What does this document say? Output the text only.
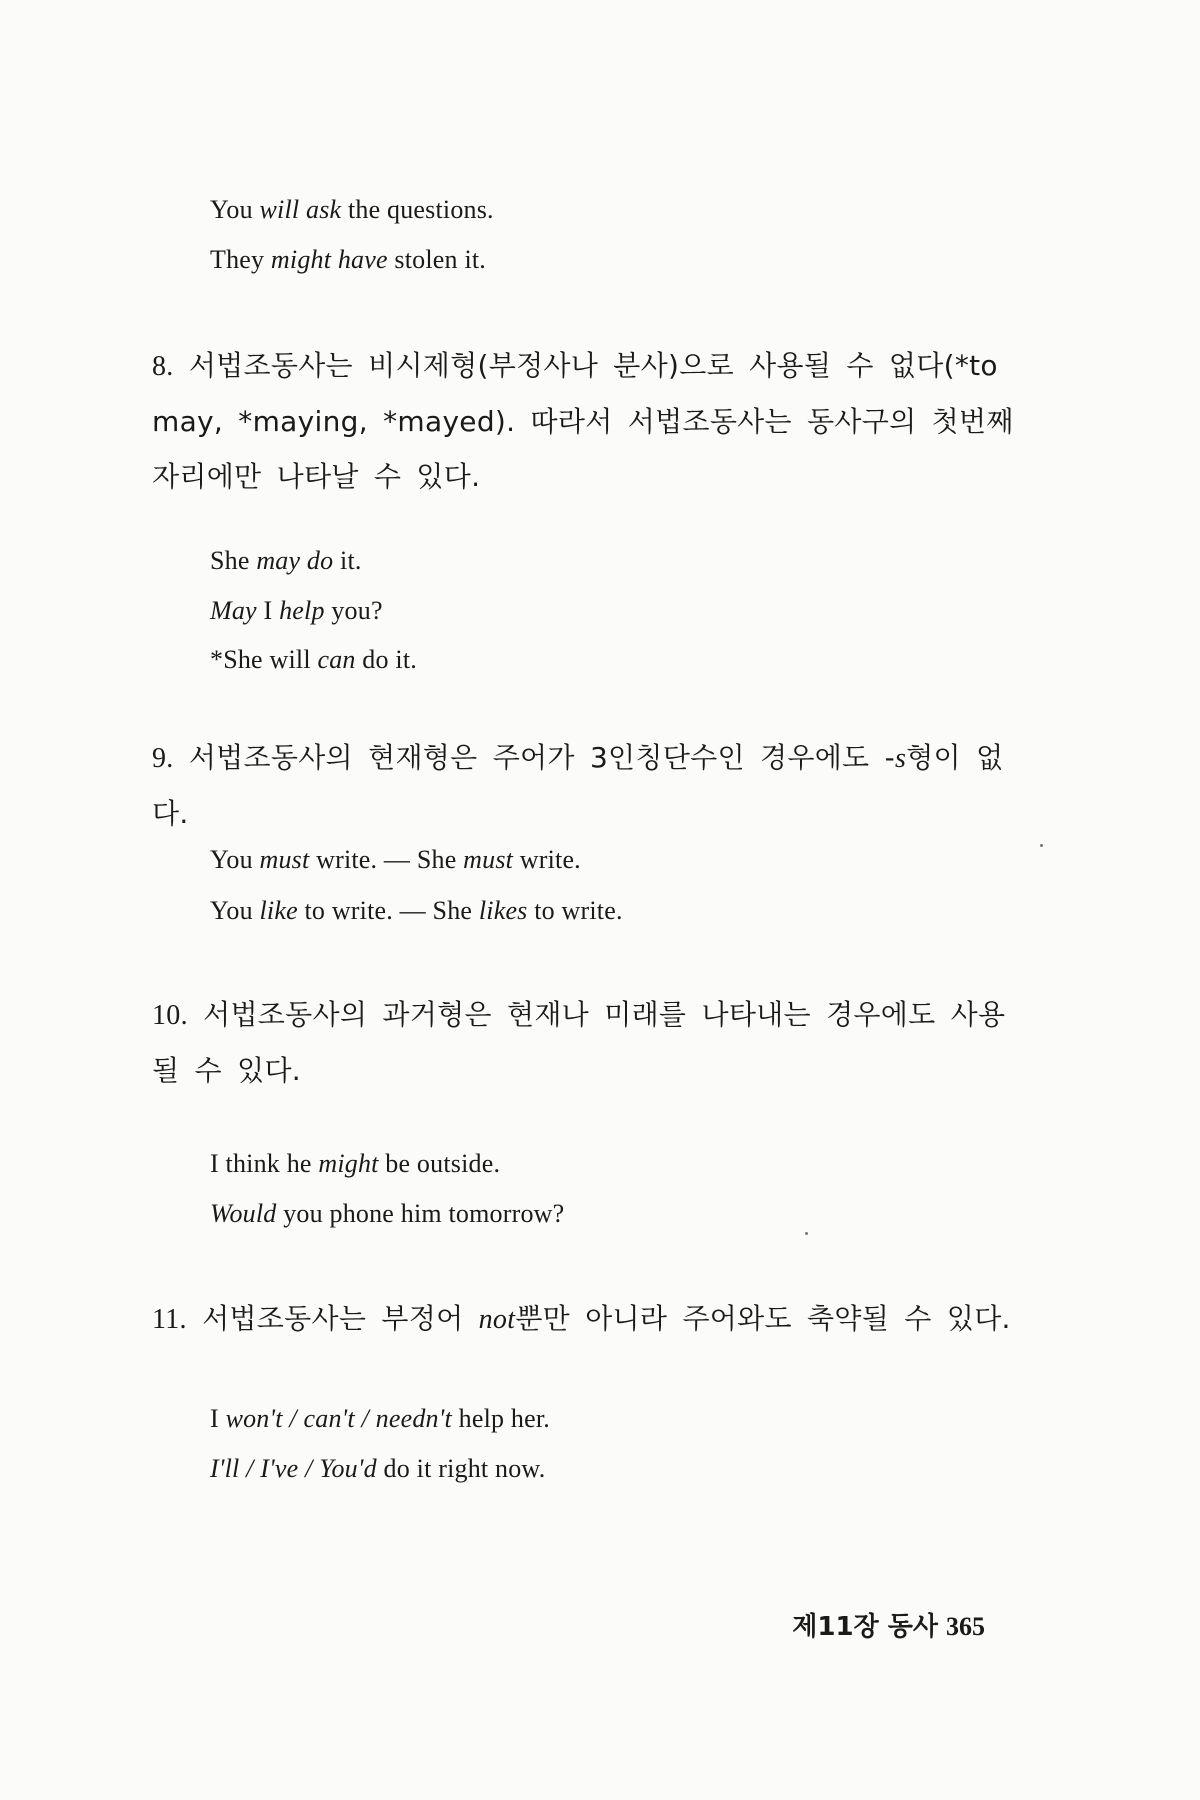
You will ask the questions.
They might have stolen it.
8. 서법조동사는 비시제형(부정사나 분사)으로 사용될 수 없다(*to may, *maying, *mayed). 따라서 서법조동사는 동사구의 첫번째 자리에만 나타날 수 있다.
She may do it.
May I help you?
*She will can do it.
9. 서법조동사의 현재형은 주어가 3인칭단수인 경우에도 -s형이 없다.
You must write. — She must write.
You like to write. — She likes to write.
10. 서법조동사의 과거형은 현재나 미래를 나타내는 경우에도 사용될 수 있다.
I think he might be outside.
Would you phone him tomorrow?
11. 서법조동사는 부정어 not뿐만 아니라 주어와도 축약될 수 있다.
I won't / can't / needn't help her.
I'll / I've / You'd do it right now.
제11장 동사 365
